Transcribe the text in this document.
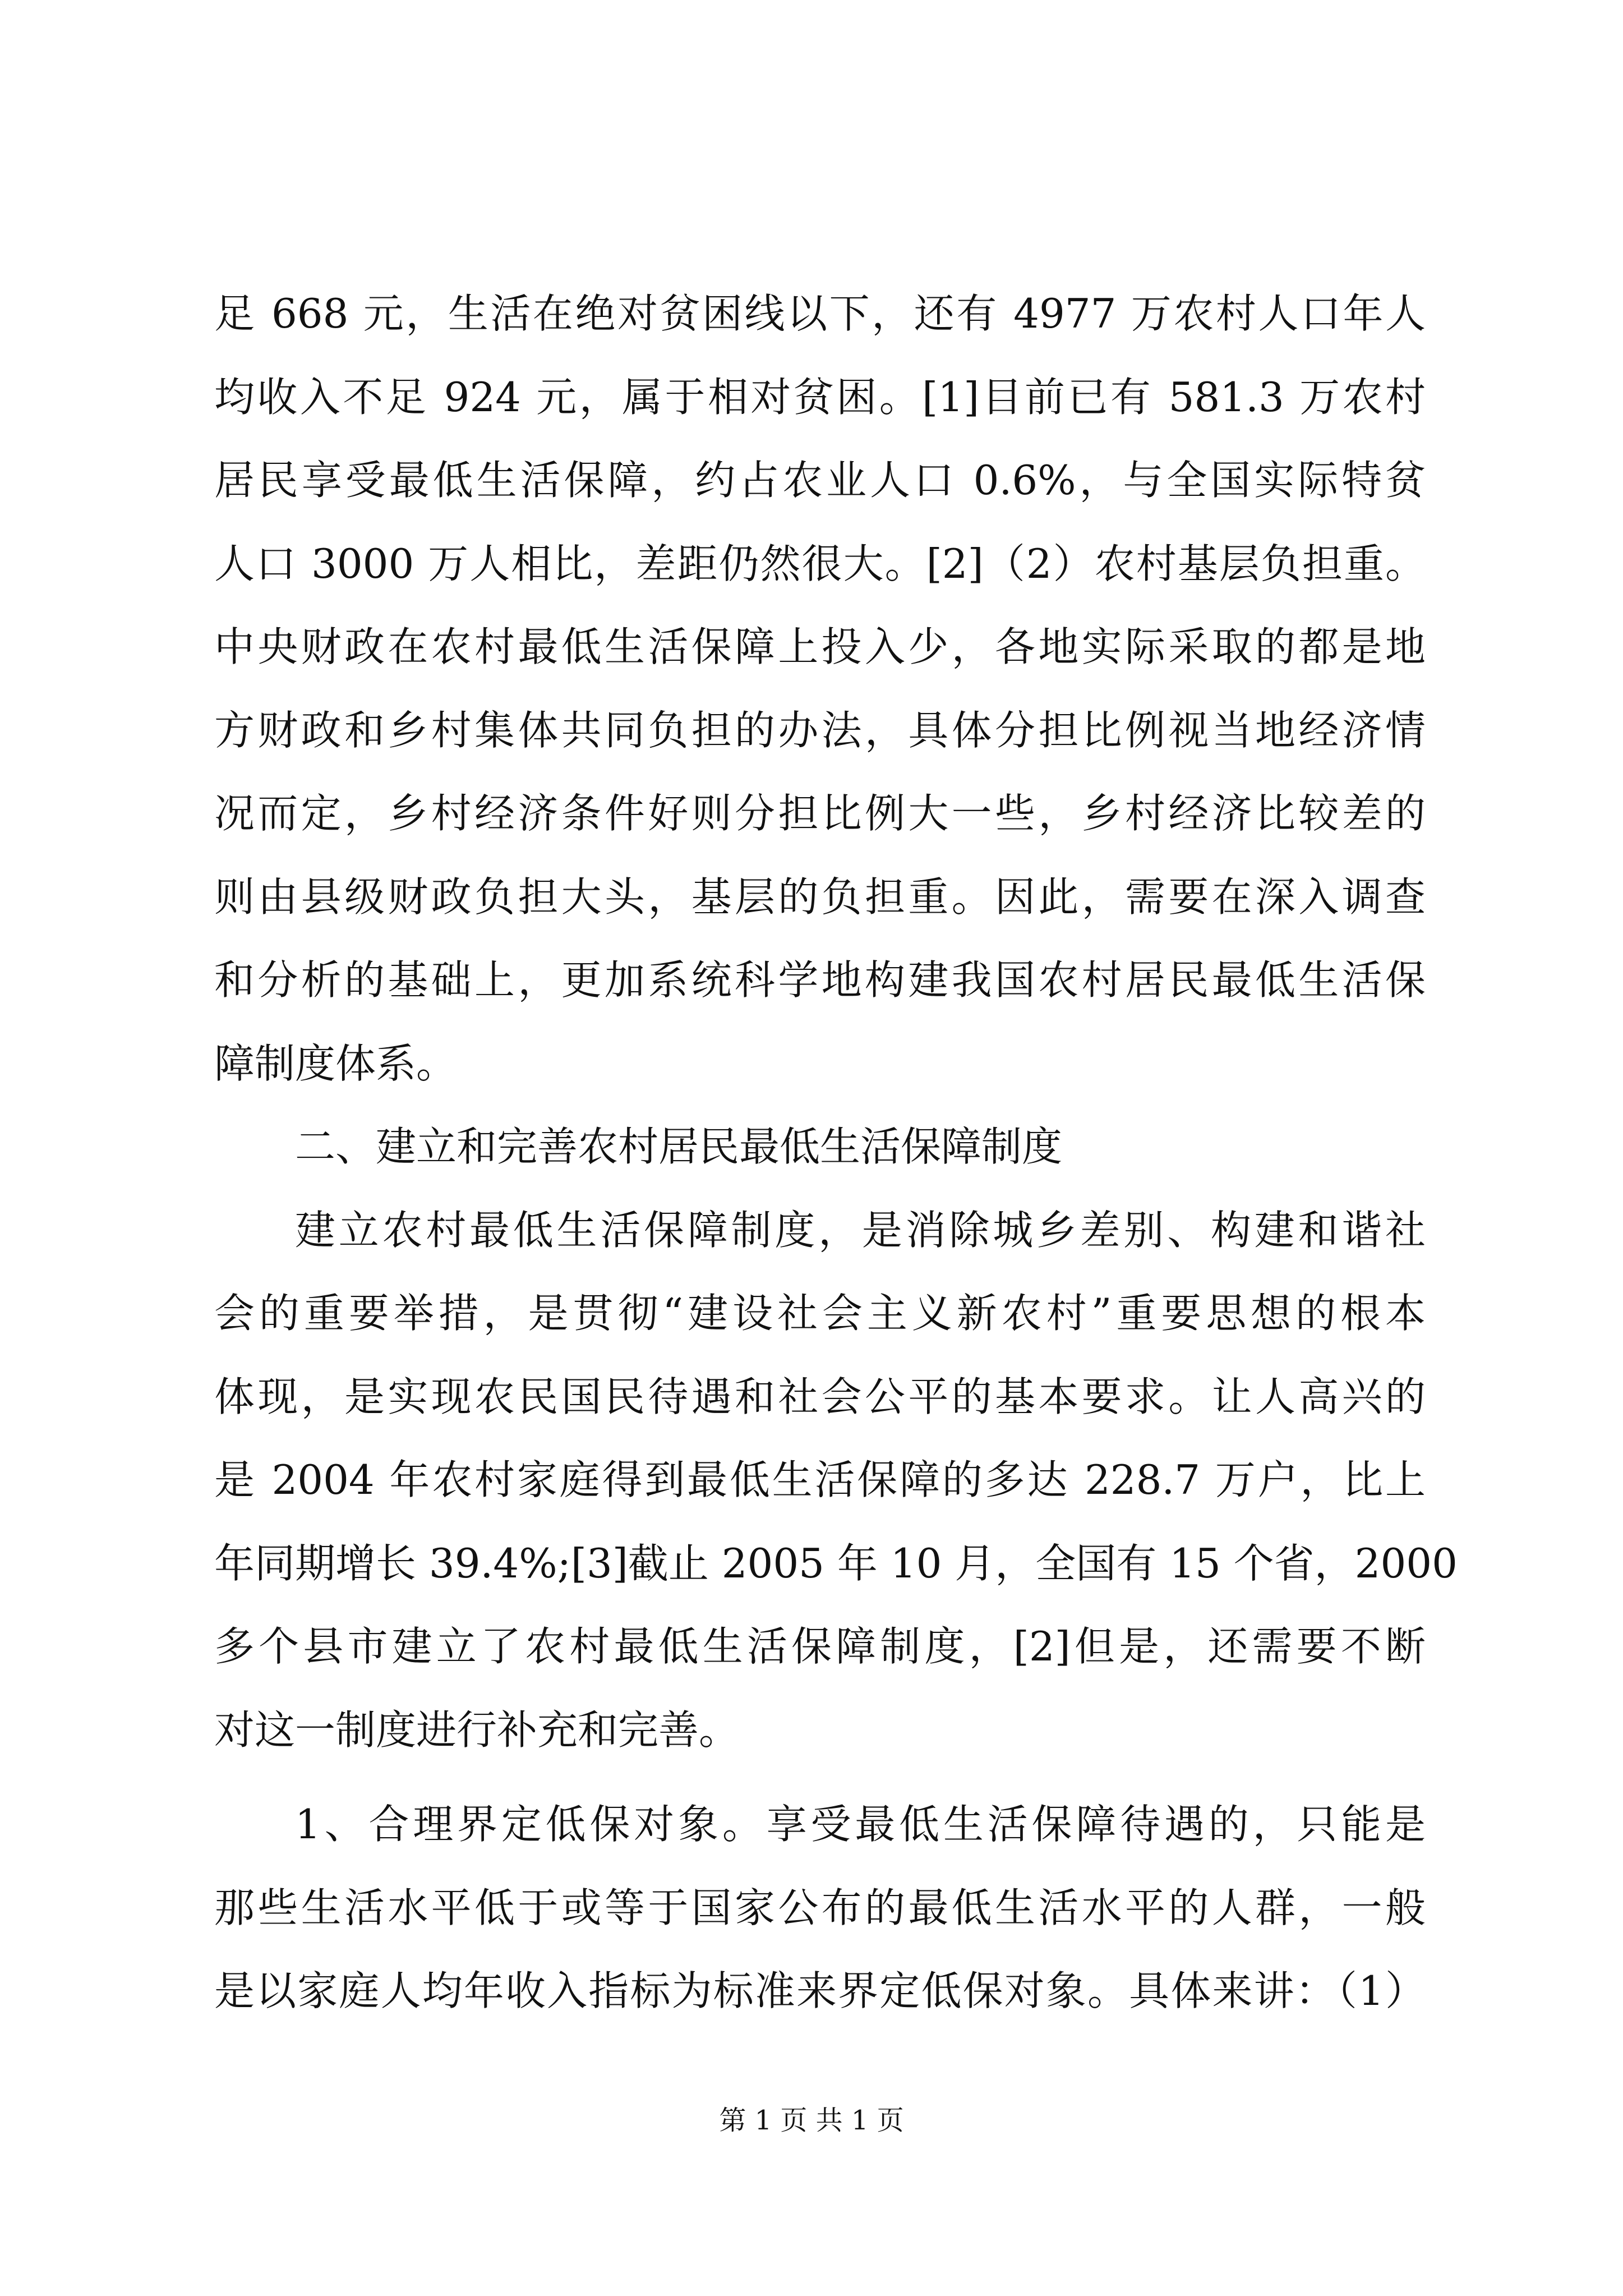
足 668 元，生活在绝对贫困线以下，还有 4977 万农村人口年人
均收入不足 924 元，属于相对贫困。[1]目前已有 581.3 万农村
居民享受最低生活保障，约占农业人口 0.6%，与全国实际特贫
人口 3000 万人相比，差距仍然很大。[2]（2）农村基层负担重。
中央财政在农村最低生活保障上投入少，各地实际采取的都是地
方财政和乡村集体共同负担的办法，具体分担比例视当地经济情
况而定，乡村经济条件好则分担比例大一些，乡村经济比较差的
则由县级财政负担大头，基层的负担重。因此，需要在深入调查
和分析的基础上，更加系统科学地构建我国农村居民最低生活保
障制度体系。
二、建立和完善农村居民最低生活保障制度
建立农村最低生活保障制度，是消除城乡差别、构建和谐社
会的重要举措，是贯彻“建设社会主义新农村”重要思想的根本
体现，是实现农民国民待遇和社会公平的基本要求。让人高兴的
是 2004 年农村家庭得到最低生活保障的多达 228.7 万户，比上
年同期增长 39.4%;[3]截止 2005 年 10 月，全国有 15 个省，2000
多个县市建立了农村最低生活保障制度，[2]但是，还需要不断
对这一制度进行补充和完善。
1、合理界定低保对象。享受最低生活保障待遇的，只能是
那些生活水平低于或等于国家公布的最低生活水平的人群，一般
是以家庭人均年收入指标为标准来界定低保对象。具体来讲：（1）
第 1 页 共 1 页
